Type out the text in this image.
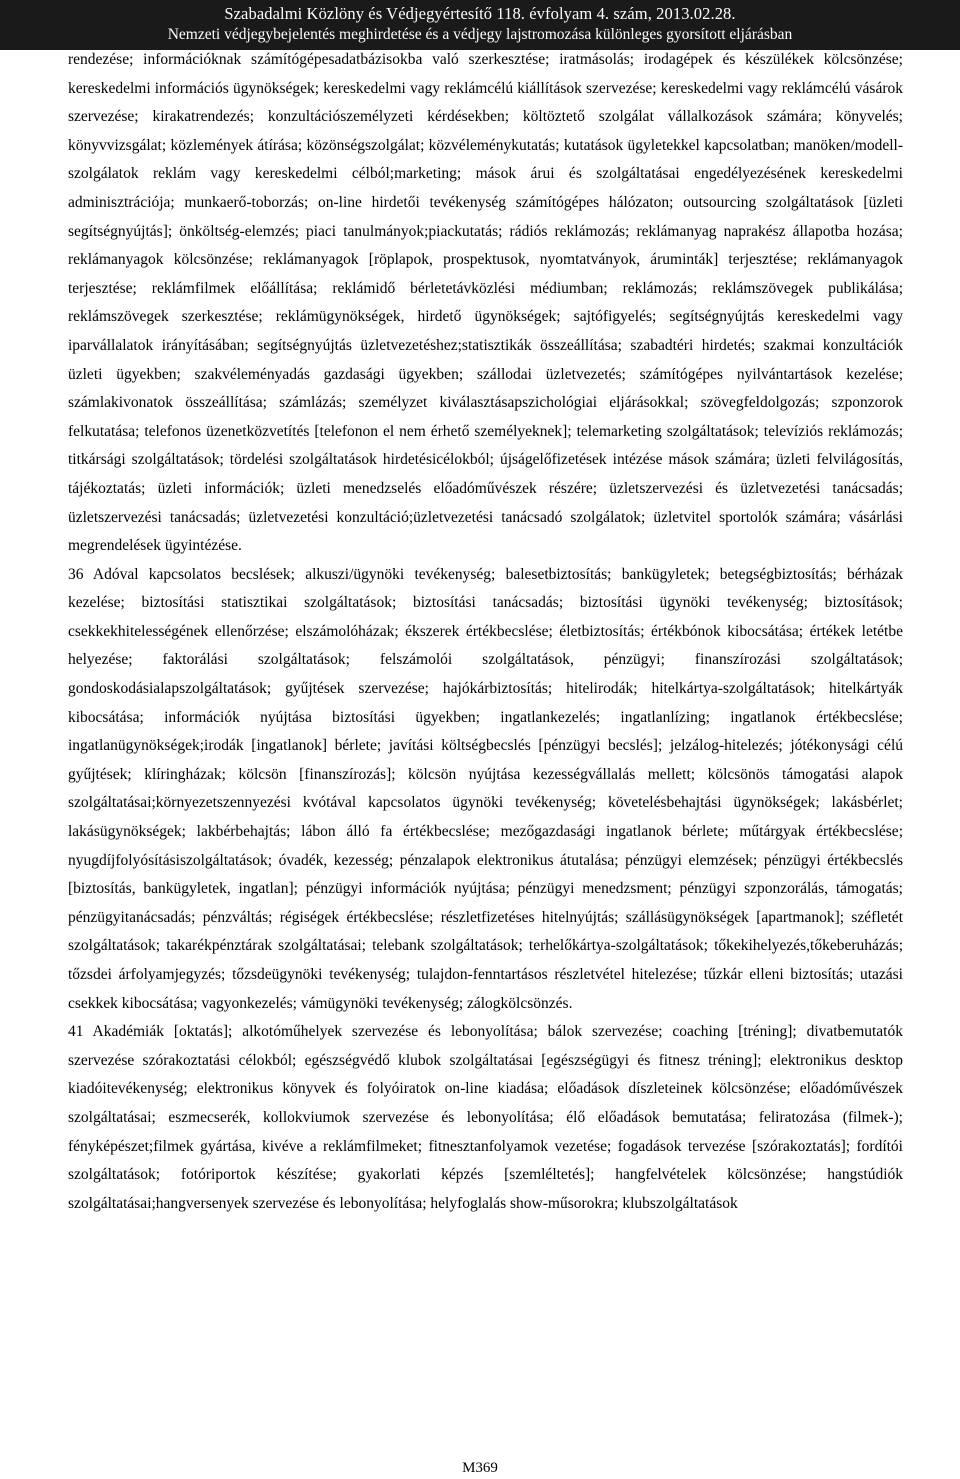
Szabadalmi Közlöny és Védjegyértesítő 118. évfolyam 4. szám, 2013.02.28.
Nemzeti védjegybejelentés meghirdetése és a védjegy lajstromozása különleges gyorsított eljárásban

rendezése; információknak számítógépesadatbázisokba való szerkesztése; iratmásolás; irodagépek és készülékek kölcsönzése; kereskedelmi információs ügynökségek; kereskedelmi vagy reklámcélú kiállítások szervezése; kereskedelmi vagy reklámcélú vásárok szervezése; kirakatrendezés; konzultációszemélyzeti kérdésekben; költöztető szolgálat vállalkozások számára; könyvelés; könyvvizsgálat; közlemények átírása; közönségszolgálat; közvéleménykutatás; kutatások ügyletekkel kapcsolatban; manöken/modell-szolgálatok reklám vagy kereskedelmi célból;marketing; mások árui és szolgáltatásai engedélyezésének kereskedelmi adminisztrációja; munkaerő-toborzás; on-line hirdetői tevékenység számítógépes hálózaton; outsourcing szolgáltatások [üzleti segítségnyújtás]; önköltség-elemzés; piaci tanulmányok;piackutatás; rádiós reklámozás; reklámanyag naprakész állapotba hozása; reklámanyagok kölcsönzése; reklámanyagok [röplapok, prospektusok, nyomtatványok, áruminták] terjesztése; reklámanyagok terjesztése; reklámfilmek előállítása; reklámidő bérletetávközlési médiumban; reklámozás; reklámszövegek publikálása; reklámszövegek szerkesztése; reklámügynökségek, hirdető ügynökségek; sajtófigyelés; segítségnyújtás kereskedelmi vagy iparvállalatok irányításában; segítségnyújtás üzletvezetéshez;statisztikák összeállítása; szabadtéri hirdetés; szakmai konzultációk üzleti ügyekben; szakvéleményadás gazdasági ügyekben; szállodai üzletvezetés; számítógépes nyilvántartások kezelése; számlakivonatok összeállítása; számlázás; személyzet kiválasztásapszichológiai eljárásokkal; szövegfeldolgozás; szponzorok felkutatása; telefonos üzenetközvetítés [telefonon el nem érhető személyeknek]; telemarketing szolgáltatások; televíziós reklámozás; titkársági szolgáltatások; tördelési szolgáltatások hirdetésicélokból; újságelőfizetések intézése mások számára; üzleti felvilágosítás, tájékoztatás; üzleti információk; üzleti menedzselés előadóművészek részére; üzletszervezési és üzletvezetési tanácsadás; üzletszervezési tanácsadás; üzletvezetési konzultáció;üzletvezetési tanácsadó szolgálatok; üzletvitel sportolók számára; vásárlási megrendelések ügyintézése.

36 Adóval kapcsolatos becslések; alkuszi/ügynöki tevékenység; balesetbiztosítás; bankügyletek; betegségbiztosítás; bérházak kezelése; biztosítási statisztikai szolgáltatások; biztosítási tanácsadás; biztosítási ügynöki tevékenység; biztosítások; csekkekhitelességének ellenőrzése; elszámolóházak; ékszerek értékbecslése; életbiztosítás; értékbónok kibocsátása; értékek letétbe helyezése; faktorálási szolgáltatások; felszámolói szolgáltatások, pénzügyi; finanszírozási szolgáltatások; gondoskodásialapszolgáltatások; gyűjtések szervezése; hajókárbiztosítás; hitelirodák; hitelkártya-szolgáltatások; hitelkártyák kibocsátása; információk nyújtása biztosítási ügyekben; ingatlankezelés; ingatlanlízing; ingatlanok értékbecslése; ingatlanügynökségek;irodák [ingatlanok] bérlete; javítási költségbecslés [pénzügyi becslés]; jelzálog-hitelezés; jótékonysági célú gyűjtések; klíringházak; kölcsön [finanszírozás]; kölcsön nyújtása kezességvállalás mellett; kölcsönös támogatási alapok szolgáltatásai;környezetszennyezési kvótával kapcsolatos ügynöki tevékenység; követelésbehajtási ügynökségek; lakásbérlet; lakásügynökségek; lakbérbehajtás; lábon álló fa értékbecslése; mezőgazdasági ingatlanok bérlete; műtárgyak értékbecslése; nyugdíjfolyósításiszolgáltatások; óvadék, kezesség; pénzalapok elektronikus átutalása; pénzügyi elemzések; pénzügyi értékbecslés [biztosítás, bankügyletek, ingatlan]; pénzügyi információk nyújtása; pénzügyi menedzsment; pénzügyi szponzorálás, támogatás; pénzügyitanácsadás; pénzváltás; régiségek értékbecslése; részletfizetéses hitelnyújtás; szállásügynökségek [apartmanok]; széfletét szolgáltatások; takarékpénztárak szolgáltatásai; telebank szolgáltatások; terhelőkártya-szolgáltatások; tőkekihelyezés,tőkeberuházás; tőzsdei árfolyamjegyzés; tőzsdeügynöki tevékenység; tulajdon-fenntartásos részletvétel hitelezése; tűzkár elleni biztosítás; utazási csekkek kibocsátása; vagyonkezelés; vámügynöki tevékenység; zálogkölcsönzés.

41 Akadémiák [oktatás]; alkotóműhelyek szervezése és lebonyolítása; bálok szervezése; coaching [tréning]; divatbemutatók szervezése szórakoztatási célokból; egészségvédő klubok szolgáltatásai [egészségügyi és fitnesz tréning]; elektronikus desktop kiadóitevékenység; elektronikus könyvek és folyóiratok on-line kiadása; előadások díszleteinek kölcsönzése; előadóművészek szolgáltatásai; eszmecserék, kollokviumok szervezése és lebonyolítása; élő előadások bemutatása; feliratozása (filmek-); fényképészet;filmek gyártása, kivéve a reklámfilmeket; fitnesztanfolyamok vezetése; fogadások tervezése [szórakoztatás]; fordítói szolgáltatások; fotóriportok készítése; gyakorlati képzés [szemléltetés]; hangfelvételek kölcsönzése; hangstúdiók szolgáltatásai;hangversenyek szervezése és lebonyolítása; helyfoglalás show-műsorokra; klubszolgáltatások

M369
